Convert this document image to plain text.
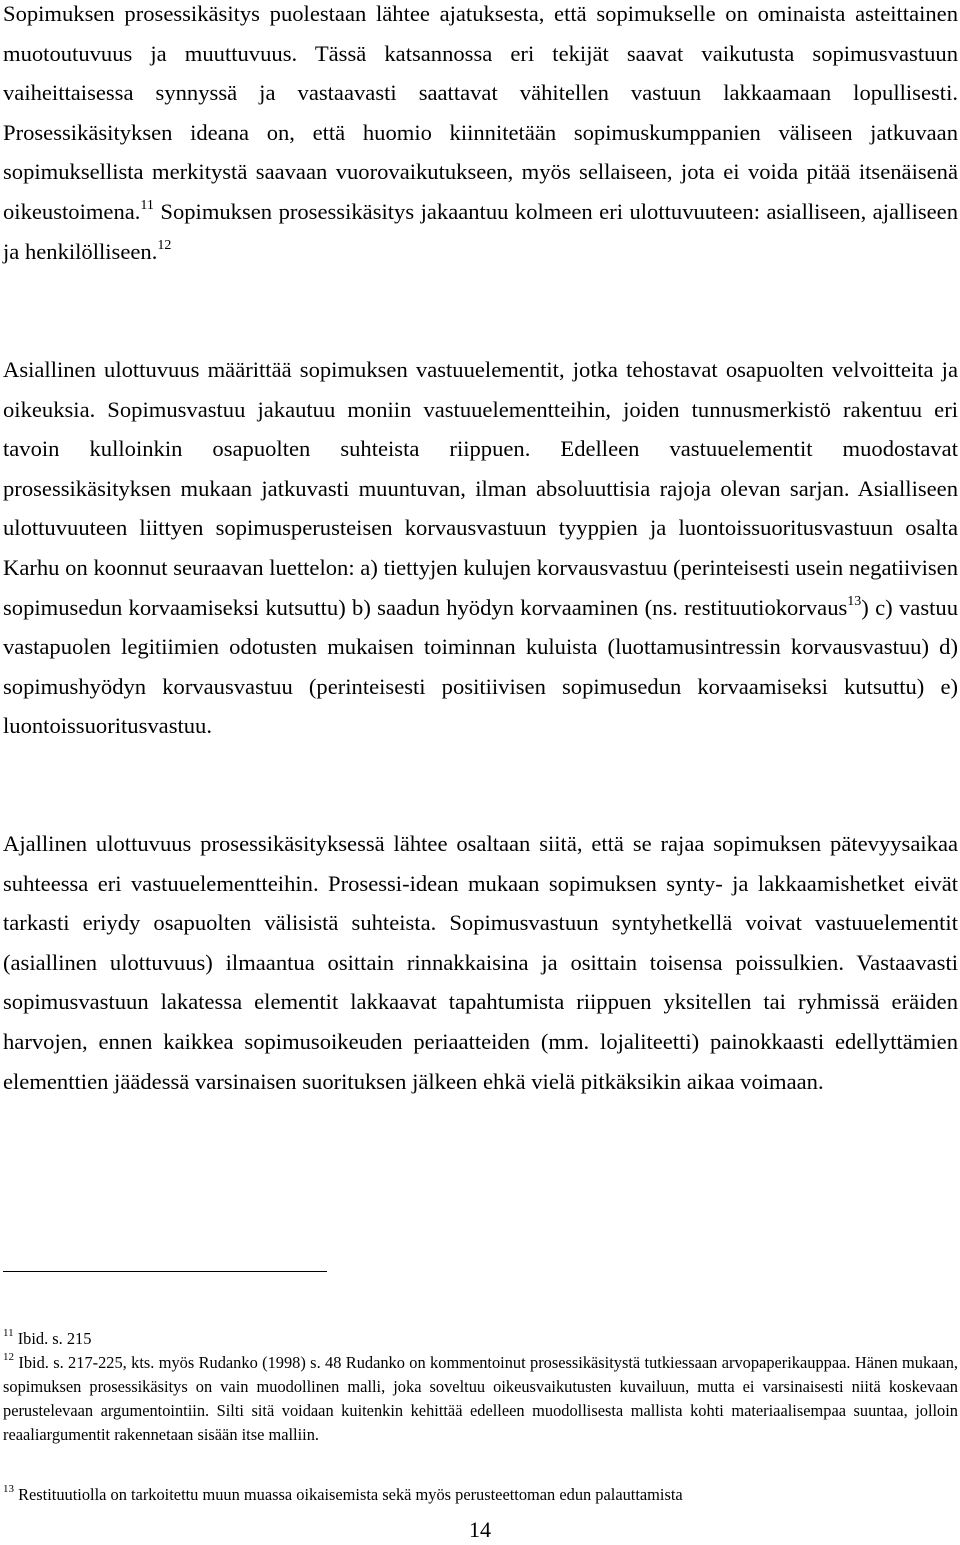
Sopimuksen prosessikäsitys puolestaan lähtee ajatuksesta, että sopimukselle on ominaista asteittainen muotoutuvuus ja muuttuvuus. Tässä katsannossa eri tekijät saavat vaikutusta sopimusvastuun vaiheittaisessa synnyssä ja vastaavasti saattavat vähitellen vastuun lakkaamaan lopullisesti. Prosessikäsityksen ideana on, että huomio kiinnitetään sopimuskumppanien väliseen jatkuvaan sopimuksellista merkitystä saavaan vuorovaikutukseen, myös sellaiseen, jota ei voida pitää itsenäisenä oikeustoimena.$^{11}$ Sopimuksen prosessikäsitys jakaantuu kolmeen eri ulottuvuuteen: asialliseen, ajalliseen ja henkilölliseen.$^{12}$

Asiallinen ulottuvuus määrittää sopimuksen vastuuelementit, jotka tehostavat osapuolten velvoitteita ja oikeuksia. Sopimusvastuu jakautuu moniin vastuuelementteihin, joiden tunnusmerkistö rakentuu eri tavoin kulloinkin osapuolten suhteista riippuen. Edelleen vastuuelementit muodostavat prosessikäsityksen mukaan jatkuvasti muuntuvan, ilman absoluuttisia rajoja olevan sarjan. Asialliseen ulottuvuuteen liittyen sopimusperusteisen korvausvastuun tyyppien ja luontoissuoritusvastuun osalta Karhu on koonnut seuraavan luettelon: a) tiettyjen kulujen korvausvastuu (perinteisesti usein negatiivisen sopimusedun korvaamiseksi kutsuttu) b) saadun hyödyn korvaaminen (ns. restituutiokorvaus$^{13}$) c) vastuu vastapuolen legitiimien odotusten mukaisen toiminnan kuluista (luottamusintressin korvausvastuu) d) sopimushyödyn korvausvastuu (perinteisesti positiivisen sopimusedun korvaamiseksi kutsuttu) e) luontoissuoritusvastuu.

Ajallinen ulottuvuus prosessikäsityksessä lähtee osaltaan siitä, että se rajaa sopimuksen pätevyysaikaa suhteessa eri vastuuelementteihin. Prosessi-idean mukaan sopimuksen synty- ja lakkaamishetket eivät tarkasti eriydy osapuolten välisistä suhteista. Sopimusvastuun syntyhetkellä voivat vastuuelementit (asiallinen ulottuvuus) ilmaantua osittain rinnakkaisina ja osittain toisensa poissulkien. Vastaavasti sopimusvastuun lakatessa elementit lakkaavat tapahtumista riippuen yksitellen tai ryhmissä eräiden harvojen, ennen kaikkea sopimusoikeuden periaatteiden (mm. lojaliteetti) painokkaasti edellyttämien elementtien jäädessä varsinaisen suorituksen jälkeen ehkä vielä pitkäksikin aikaa voimaan.

$^{11}$ Ibid. s. 215

$^{12}$ Ibid. s. 217-225, kts. myös Rudanko (1998) s. 48 Rudanko on kommentoinut prosessikäsitystä tutkiessaan arvopaperikauppaa. Hänen mukaan, sopimuksen prosessikäsitys on vain muodollinen malli, joka soveltuu oikeusvaikutusten kuvailuun, mutta ei varsinaisesti niitä koskevaan perustelevaan argumentointiin. Silti sitä voidaan kuitenkin kehittää edelleen muodollisesta mallista kohti materiaalisempaa suuntaa, jolloin reaaliargumentit rakennetaan sisään itse malliin.

$^{13}$ Restituutiolla on tarkoitettu muun muassa oikaisemista sekä myös perusteettoman edun palauttamista

14
